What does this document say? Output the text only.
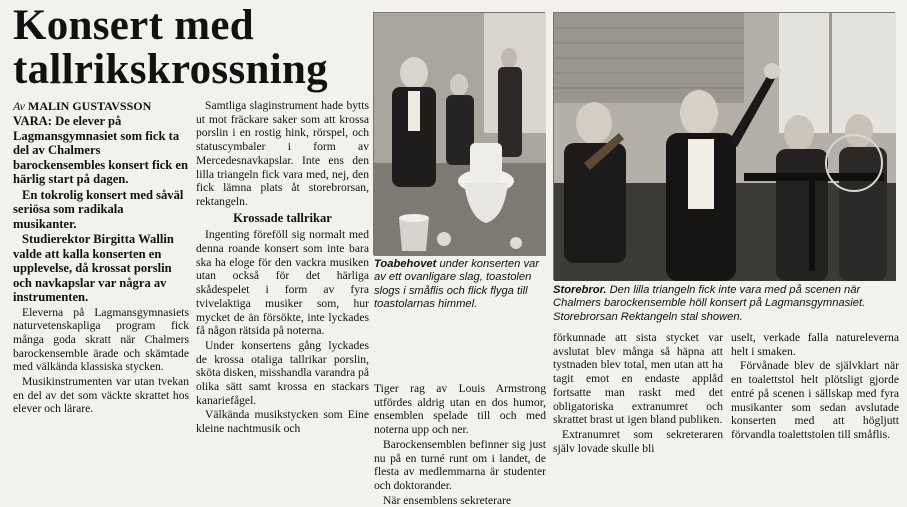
Konsert med
tallrikskrossning

Av MALIN GUSTAVSSON

VARA: De elever på Lagmansgymnasiet som fick ta del av Chalmers barockensembles konsert fick en härlig start på dagen.

En tokrolig konsert med såväl seriösa som radikala musikanter.

Studierektor Birgitta Wallin valde att kalla konserten en upplevelse, då krossat porslin och navkapslar var några av instrumenten.

Eleverna på Lagmansgymnasiets naturvetenskapliga program fick många goda skratt när Chalmers barockensemble ärade och skämtade med välkända klassiska stycken.

Musikinstrumenten var utan tvekan en del av det som väckte skrattet hos elever och lärare.

Samtliga slaginstrument hade bytts ut mot fräckare saker som att krossa porslin i en rostig hink, rörspel, och statuscymbaler i form av Mercedesnavkapslar. Inte ens den lilla triangeln fick vara med, nej, den fick lämna plats åt storebrorsan, rektangeln.

Krossade tallrikar

Ingenting föreföll sig normalt med denna roande konsert som inte bara ska ha eloge för den vackra musiken utan också för det härliga skådespelet i form av fyra tvivelaktiga musiker som, hur mycket de än försökte, inte lyckades få någon rätsida på noterna.

Under konsertens gång lyckades de krossa otaliga tallrikar porslin, sköta disken, misshandla varandra på olika sätt samt krossa en stackars kanariefågel.

Välkända musikstycken som Eine kleine nachtmusik och

Toabehovet under konserten var av ett ovanligare slag, toastolen slogs i småflis och flick flyga till toastolarnas himmel.

Tiger rag av Louis Armstrong utfördes aldrig utan en dos humor, ensemblen spelade till och med noterna upp och ner.

Barockensemblen befinner sig just nu på en turné runt om i landet, de flesta av medlemmarna är studenter och doktorander.

När ensemblens sekreterare

Storebror. Den lilla triangeln fick inte vara med på scenen när Chalmers barockensemble höll konsert på Lagmansgymnasiet. Storebrorsan Rektangeln stal showen.

förkunnade att sista stycket var avslutat blev många så häpna att tystnaden blev total, men utan att ha tagit emot en endaste applåd fortsatte man raskt med det obligatoriska extranumret och skrattet brast ut igen bland publiken.

Extranumret som sekreteraren själv lovade skulle bli

uselt, verkade falla natureleverna helt i smaken.

Förvånade blev de självklart när en toalettstol helt plötsligt gjorde entré på scenen i sällskap med fyra musikanter som sedan avslutade konserten med att högljutt förvandla toalettstolen till småflis.
